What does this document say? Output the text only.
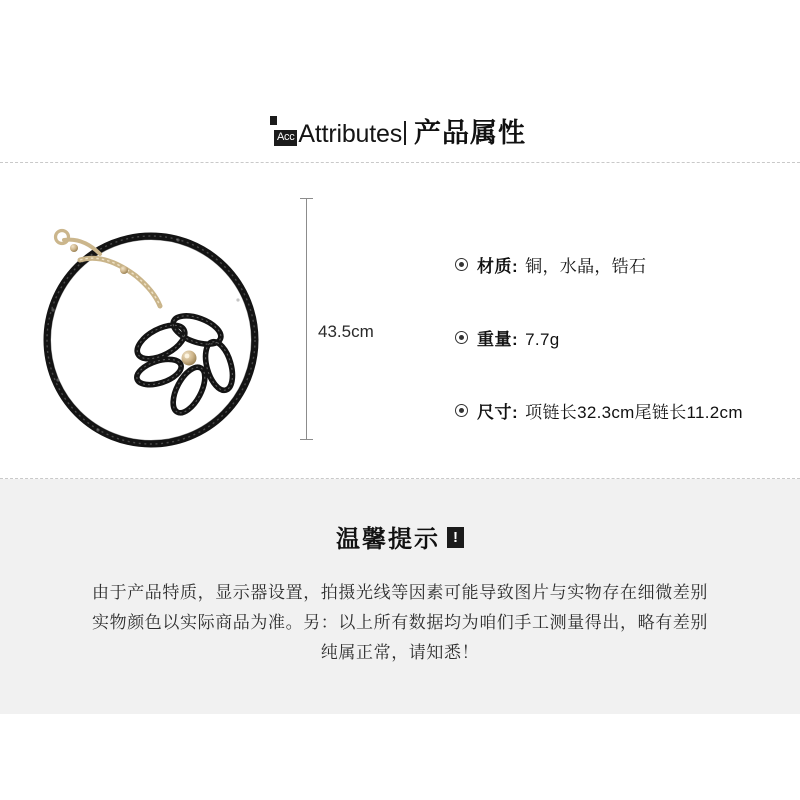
Acc Attributes 产品属性
43.5cm
材质: 铜，水晶，锆石
重量: 7.7g
尺寸: 项链长32.3cm尾链长11.2cm
温馨提示 !
由于产品特质，显示器设置，拍摄光线等因素可能导致图片与实物存在细微差别
实物颜色以实际商品为准。另：以上所有数据均为咱们手工测量得出，略有差别
纯属正常，请知悉！
